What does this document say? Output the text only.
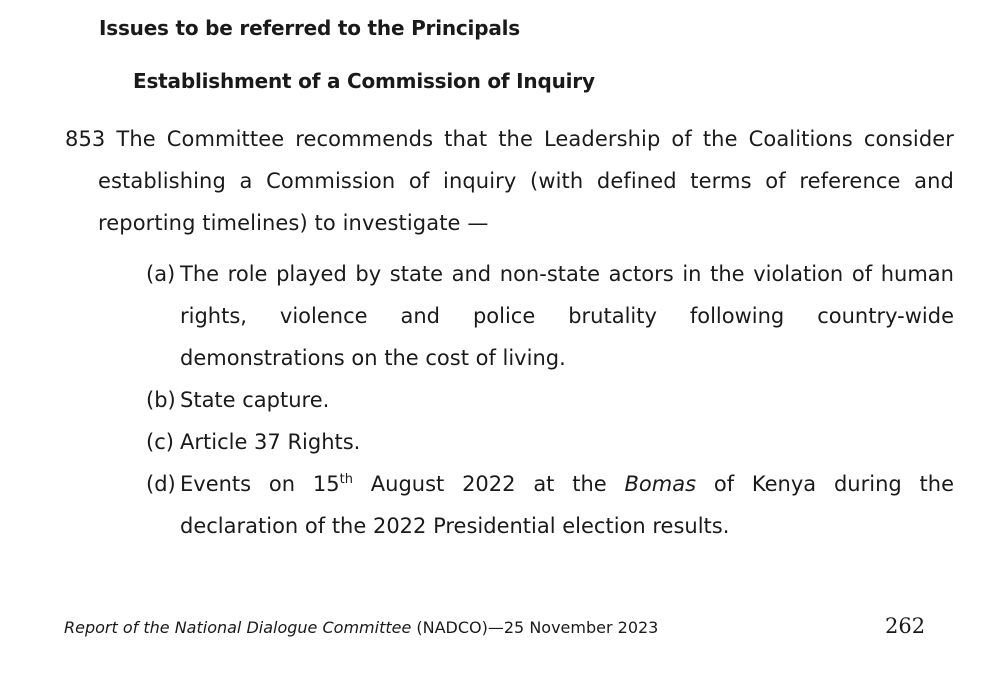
Issues to be referred to the Principals
Establishment of a Commission of Inquiry
853 The Committee recommends that the Leadership of the Coalitions consider establishing a Commission of inquiry (with defined terms of reference and reporting timelines) to investigate —
(a) The role played by state and non-state actors in the violation of human rights, violence and police brutality following country-wide demonstrations on the cost of living.
(b) State capture.
(c) Article 37 Rights.
(d) Events on 15th August 2022 at the Bomas of Kenya during the declaration of the 2022 Presidential election results.
Report of the National Dialogue Committee (NADCO)—25 November 2023	262
